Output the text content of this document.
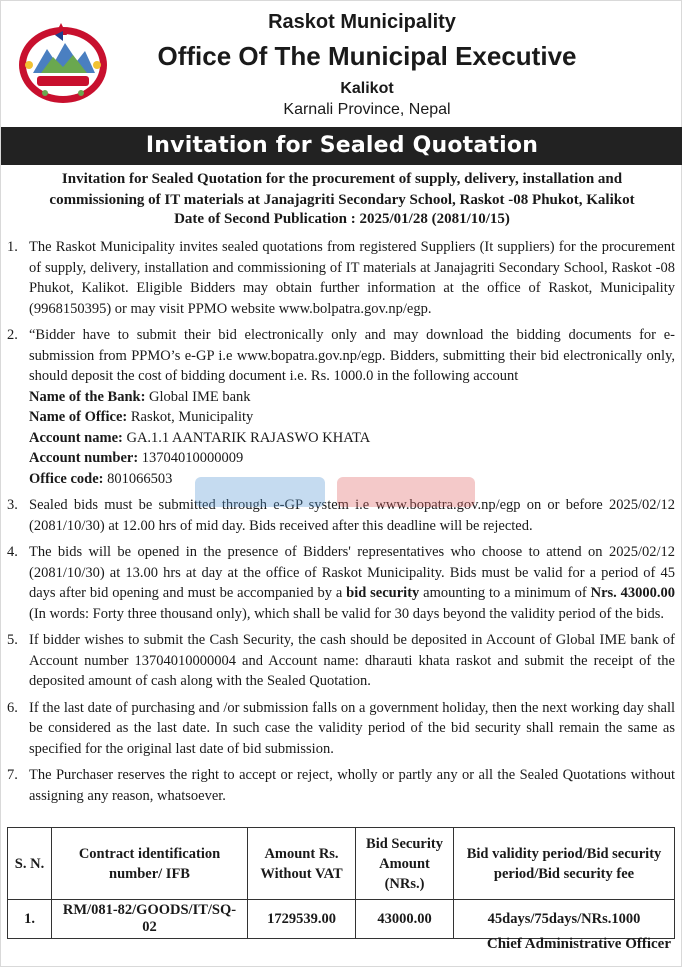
Raskot Municipality
Office Of The Municipal Executive
Kalikot
Karnali Province, Nepal
Invitation for Sealed Quotation
Invitation for Sealed Quotation for the procurement of supply, delivery, installation and commissioning of IT materials at Janajagriti Secondary School, Raskot -08 Phukot, Kalikot
Date of Second Publication : 2025/01/28 (2081/10/15)
1. The Raskot Municipality invites sealed quotations from registered Suppliers (It suppliers) for the procurement of supply, delivery, installation and commissioning of IT materials at Janajagriti Secondary School, Raskot -08 Phukot, Kalikot. Eligible Bidders may obtain further information at the office of Raskot, Municipality (9968150395) or may visit PPMO website www.bolpatra.gov.np/egp.
2. “Bidder have to submit their bid electronically only and may download the bidding documents for e-submission from PPMO’s e-GP i.e www.bopatra.gov.np/egp. Bidders, submitting their bid electronically only, should deposit the cost of bidding document i.e. Rs. 1000.0 in the following account
Name of the Bank: Global IME bank
Name of Office: Raskot, Municipality
Account name: GA.1.1 AANTARIK RAJASWO KHATA
Account number: 13704010000009
Office code: 801066503
3. Sealed bids must be submitted through e-GP system i.e www.bopatra.gov.np/egp on or before 2025/02/12 (2081/10/30) at 12.00 hrs of mid day. Bids received after this deadline will be rejected.
4. The bids will be opened in the presence of Bidders' representatives who choose to attend on 2025/02/12 (2081/10/30) at 13.00 hrs at day at the office of Raskot Municipality. Bids must be valid for a period of 45 days after bid opening and must be accompanied by a bid security amounting to a minimum of Nrs. 43000.00 (In words: Forty three thousand only), which shall be valid for 30 days beyond the validity period of the bids.
5. If bidder wishes to submit the Cash Security, the cash should be deposited in Account of Global IME bank of Account number 13704010000004 and Account name: dharauti khata raskot and submit the receipt of the deposited amount of cash along with the Sealed Quotation.
6. If the last date of purchasing and /or submission falls on a government holiday, then the next working day shall be considered as the last date. In such case the validity period of the bid security shall remain the same as specified for the original last date of bid submission.
7. The Purchaser reserves the right to accept or reject, wholly or partly any or all the Sealed Quotations without assigning any reason, whatsoever.
S. N.	Contract identification number/ IFB	Amount Rs. Without VAT	Bid Security Amount (NRs.)	Bid validity period/Bid security period/Bid security fee
1.	RM/081-82/GOODS/IT/SQ-02	1729539.00	43000.00	45days/75days/NRs.1000
Chief Administrative Officer
